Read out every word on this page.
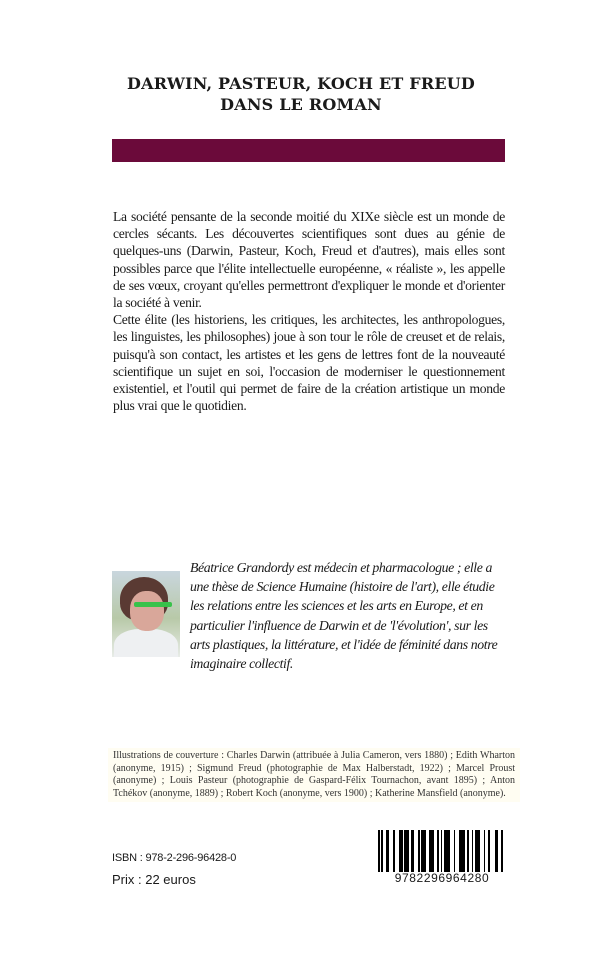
DARWIN, PASTEUR, KOCH ET FREUD
DANS LE ROMAN

La société pensante de la seconde moitié du XIXe siècle est un monde de cercles sécants. Les découvertes scientifiques sont dues au génie de quelques-uns (Darwin, Pasteur, Koch, Freud et d'autres), mais elles sont possibles parce que l'élite intellectuelle européenne, « réaliste », les appelle de ses vœux, croyant qu'elles permettront d'expliquer le monde et d'orienter la société à venir.

Cette élite (les historiens, les critiques, les architectes, les anthropologues, les linguistes, les philosophes) joue à son tour le rôle de creuset et de relais, puisqu'à son contact, les artistes et les gens de lettres font de la nouveauté scientifique un sujet en soi, l'occasion de moderniser le questionnement existentiel, et l'outil qui permet de faire de la création artistique un monde plus vrai que le quotidien.

Béatrice Grandordy est médecin et pharmacologue ; elle a une thèse de Science Humaine (histoire de l'art), elle étudie les relations entre les sciences et les arts en Europe, et en particulier l'influence de Darwin et de 'l'évolution', sur les arts plastiques, la littérature, et l'idée de féminité dans notre imaginaire collectif.
Illustrations de couverture : Charles Darwin (attribuée à Julia Cameron, vers 1880) ; Edith Wharton (anonyme, 1915) ; Sigmund Freud (photographie de Max Halberstadt, 1922) ; Marcel Proust (anonyme) ; Louis Pasteur (photographie de Gaspard-Félix Tournachon, avant 1895) ; Anton Tchékov (anonyme, 1889) ; Robert Koch (anonyme, vers 1900) ; Katherine Mansfield (anonyme).
ISBN : 978-2-296-96428-0
Prix : 22 euros	9782296964280
